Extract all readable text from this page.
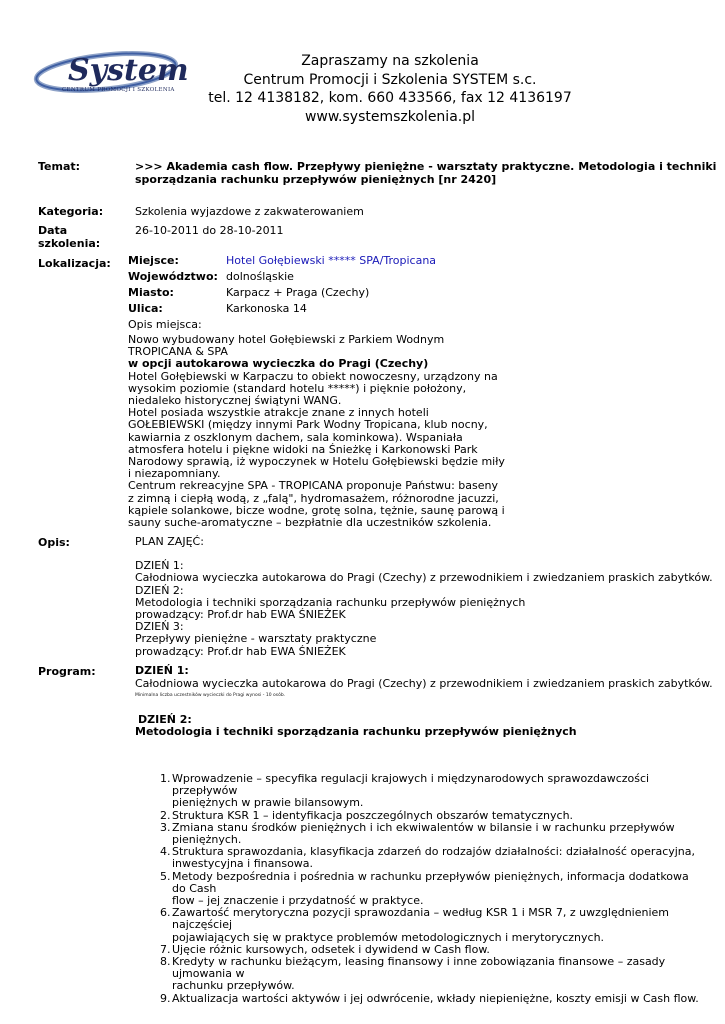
System
CENTRUM PROMOCJI I SZKOLENIA
Zapraszamy na szkolenia
Centrum Promocji i Szkolenia SYSTEM s.c.
tel. 12 4138182, kom. 660 433566, fax 12 4136197
www.systemszkolenia.pl
Temat:	>>> Akademia cash flow. Przepływy pieniężne - warsztaty praktyczne. Metodologia i techniki
sporządzania rachunku przepływów pieniężnych [nr 2420]
Kategoria:	Szkolenia wyjazdowe z zakwaterowaniem
Data
szkolenia:
26-10-2011 do 28-10-2011
Lokalizacja: Miejsce:	Hotel Gołębiewski ***** SPA/Tropicana
Województwo: dolnośląskie
Miasto:	Karpacz + Praga (Czechy)
Ulica:	Karkonoska 14
Opis miejsca:
Nowo wybudowany hotel Gołębiewski z Parkiem Wodnym
TROPICANA & SPA
w opcji autokarowa wycieczka do Pragi (Czechy)
Hotel Gołębiewski w Karpaczu to obiekt nowoczesny, urządzony na
wysokim poziomie (standard hotelu *****) i pięknie położony,
niedaleko historycznej świątyni WANG.
Hotel posiada wszystkie atrakcje znane z innych hoteli
GOŁEBIEWSKI (między innymi Park Wodny Tropicana, klub nocny,
kawiarnia z oszklonym dachem, sala kominkowa). Wspaniała
atmosfera hotelu i piękne widoki na Śnieżkę i Karkonowski Park
Narodowy sprawią, iż wypoczynek w Hotelu Gołębiewski będzie miły
i niezapomniany.
Centrum rekreacyjne SPA - TROPICANA proponuje Państwu: baseny
z zimną i ciepłą wodą, z „falą", hydromasażem, różnorodne jacuzzi,
kąpiele solankowe, bicze wodne, grotę solna, tężnie, saunę parową i
sauny suche-aromatyczne – bezpłatnie dla uczestników szkolenia.
Opis:	PLAN ZAJĘĆ:
DZIEŃ 1:
Całodniowa wycieczka autokarowa do Pragi (Czechy) z przewodnikiem i zwiedzaniem praskich zabytków.
DZIEŃ 2:
Metodologia i techniki sporządzania rachunku przepływów pieniężnych
prowadzący: Prof.dr hab EWA ŚNIEŻEK
DZIEŃ 3:
Przepływy pieniężne - warsztaty praktyczne
prowadzący: Prof.dr hab EWA ŚNIEŻEK
Program:	DZIEŃ 1:
Całodniowa wycieczka autokarowa do Pragi (Czechy) z przewodnikiem i zwiedzaniem praskich zabytków.
Minimalna liczba uczestników wycieczki do Pragi wynosi - 10 osób.
DZIEŃ 2:
Metodologia i techniki sporządzania rachunku przepływów pieniężnych
1. Wprowadzenie – specyfika regulacji krajowych i międzynarodowych sprawozdawczości przepływów
pieniężnych w prawie bilansowym.
2. Struktura KSR 1 – identyfikacja poszczególnych obszarów tematycznych.
3. Zmiana stanu środków pieniężnych i ich ekwiwalentów w bilansie i w rachunku przepływów pieniężnych.
4. Struktura sprawozdania, klasyfikacja zdarzeń do rodzajów działalności: działalność operacyjna,
inwestycyjna i finansowa.
5. Metody bezpośrednia i pośrednia w rachunku przepływów pieniężnych, informacja dodatkowa do Cash
flow – jej znaczenie i przydatność w praktyce.
6. Zawartość merytoryczna pozycji sprawozdania – według KSR 1 i MSR 7, z uwzględnieniem najczęściej
pojawiających się w praktyce problemów metodologicznych i merytorycznych.
7. Ujęcie różnic kursowych, odsetek i dywidend w Cash flow.
8. Kredyty w rachunku bieżącym, leasing finansowy i inne zobowiązania finansowe – zasady ujmowania w
rachunku przepływów.
9. Aktualizacja wartości aktywów i jej odwrócenie, wkłady niepieniężne, koszty emisji w Cash flow.
